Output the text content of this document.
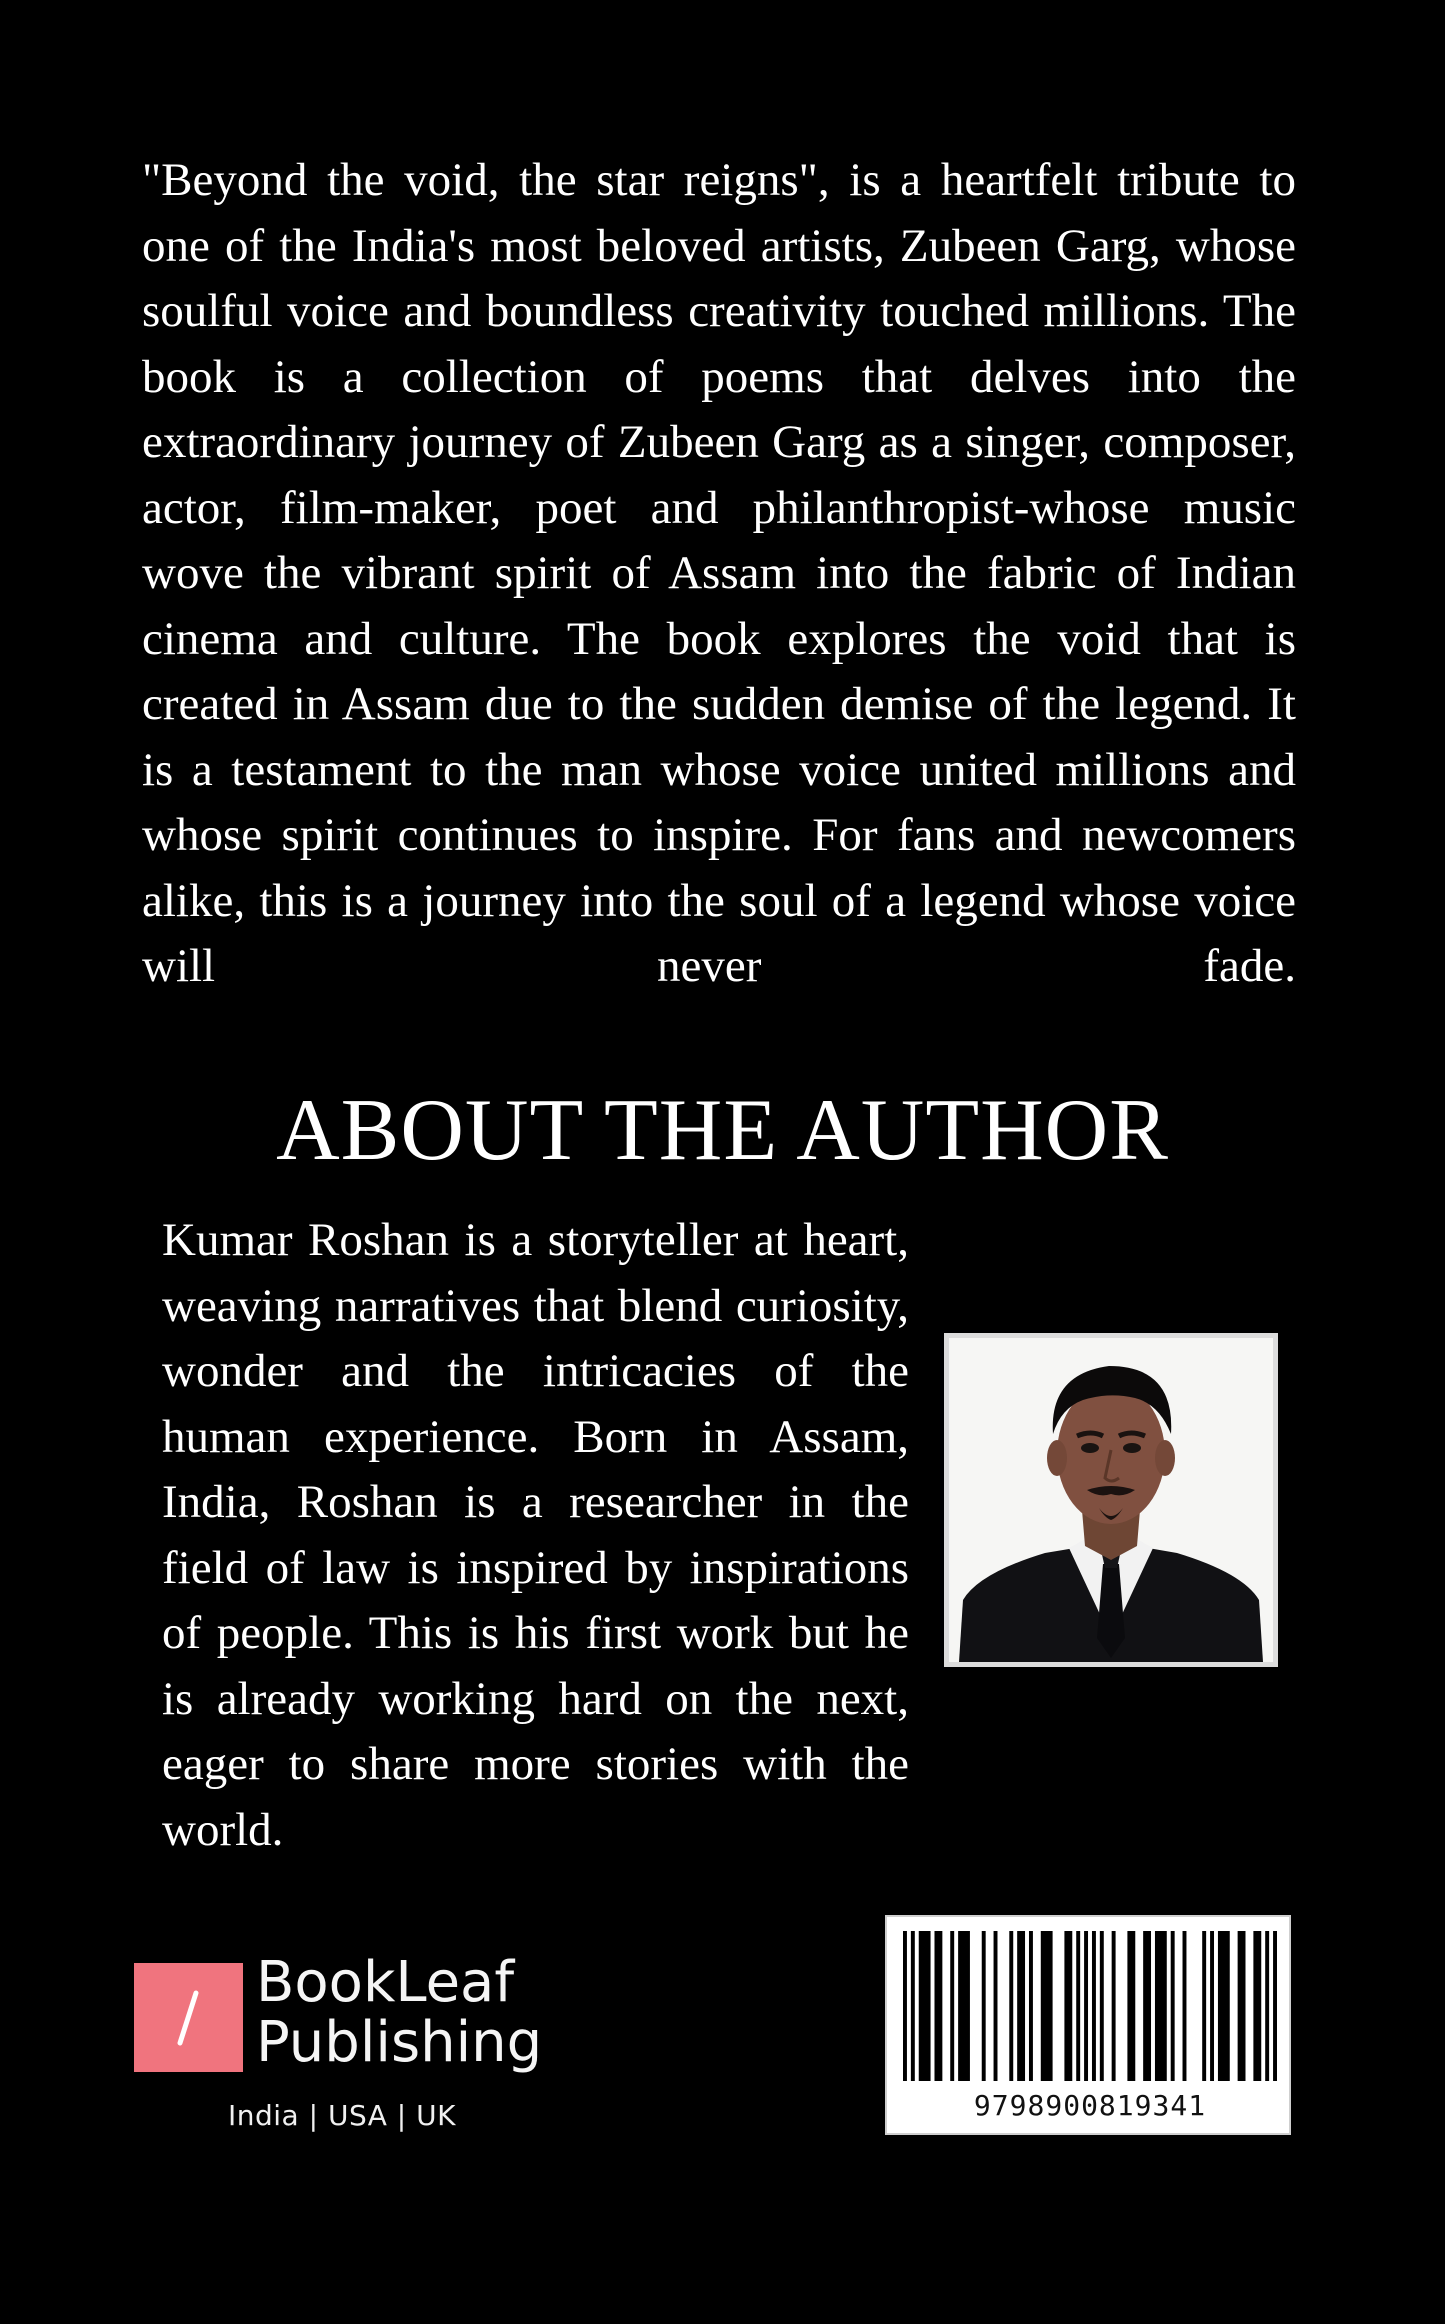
"Beyond the void, the star reigns", is a heartfelt tribute to one of the India's most beloved artists, Zubeen Garg, whose soulful voice and boundless creativity touched millions. The book is a collection of poems that delves into the extraordinary journey of Zubeen Garg as a singer, composer, actor, film-maker, poet and philanthropist-whose music wove the vibrant spirit of Assam into the fabric of Indian cinema and culture. The book explores the void that is created in Assam due to the sudden demise of the legend. It is a testament to the man whose voice united millions and whose spirit continues to inspire. For fans and newcomers alike, this is a journey into the soul of a legend whose voice will never fade.

ABOUT THE AUTHOR

Kumar Roshan is a storyteller at heart, weaving narratives that blend curiosity, wonder and the intricacies of the human experience. Born in Assam, India, Roshan is a researcher in the field of law is inspired by inspirations of people. This is his first work but he is already working hard on the next, eager to share more stories with the world.

BookLeaf
Publishing
India | USA | UK	9798900819341
